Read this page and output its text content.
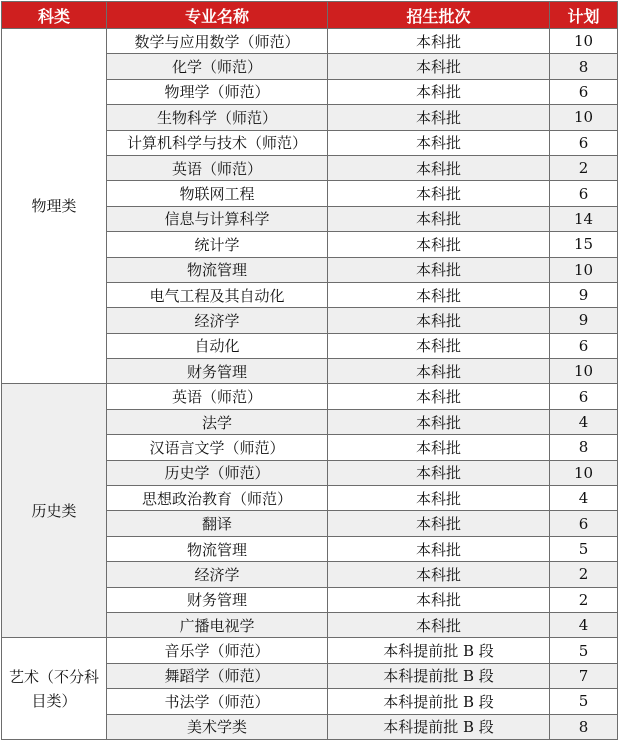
科类	专业名称	招生批次	计划
物理类	数学与应用数学（师范）	本科批	10
	化学（师范）	本科批	8
	物理学（师范）	本科批	6
	生物科学（师范）	本科批	10
	计算机科学与技术（师范）	本科批	6
	英语（师范）	本科批	2
	物联网工程	本科批	6
	信息与计算科学	本科批	14
	统计学	本科批	15
	物流管理	本科批	10
	电气工程及其自动化	本科批	9
	经济学	本科批	9
	自动化	本科批	6
	财务管理	本科批	10
历史类	英语（师范）	本科批	6
	法学	本科批	4
	汉语言文学（师范）	本科批	8
	历史学（师范）	本科批	10
	思想政治教育（师范）	本科批	4
	翻译	本科批	6
	物流管理	本科批	5
	经济学	本科批	2
	财务管理	本科批	2
	广播电视学	本科批	4
艺术（不分科目类）	音乐学（师范）	本科提前批 B 段	5
	舞蹈学（师范）	本科提前批 B 段	7
	书法学（师范）	本科提前批 B 段	5
	美术学类	本科提前批 B 段	8
